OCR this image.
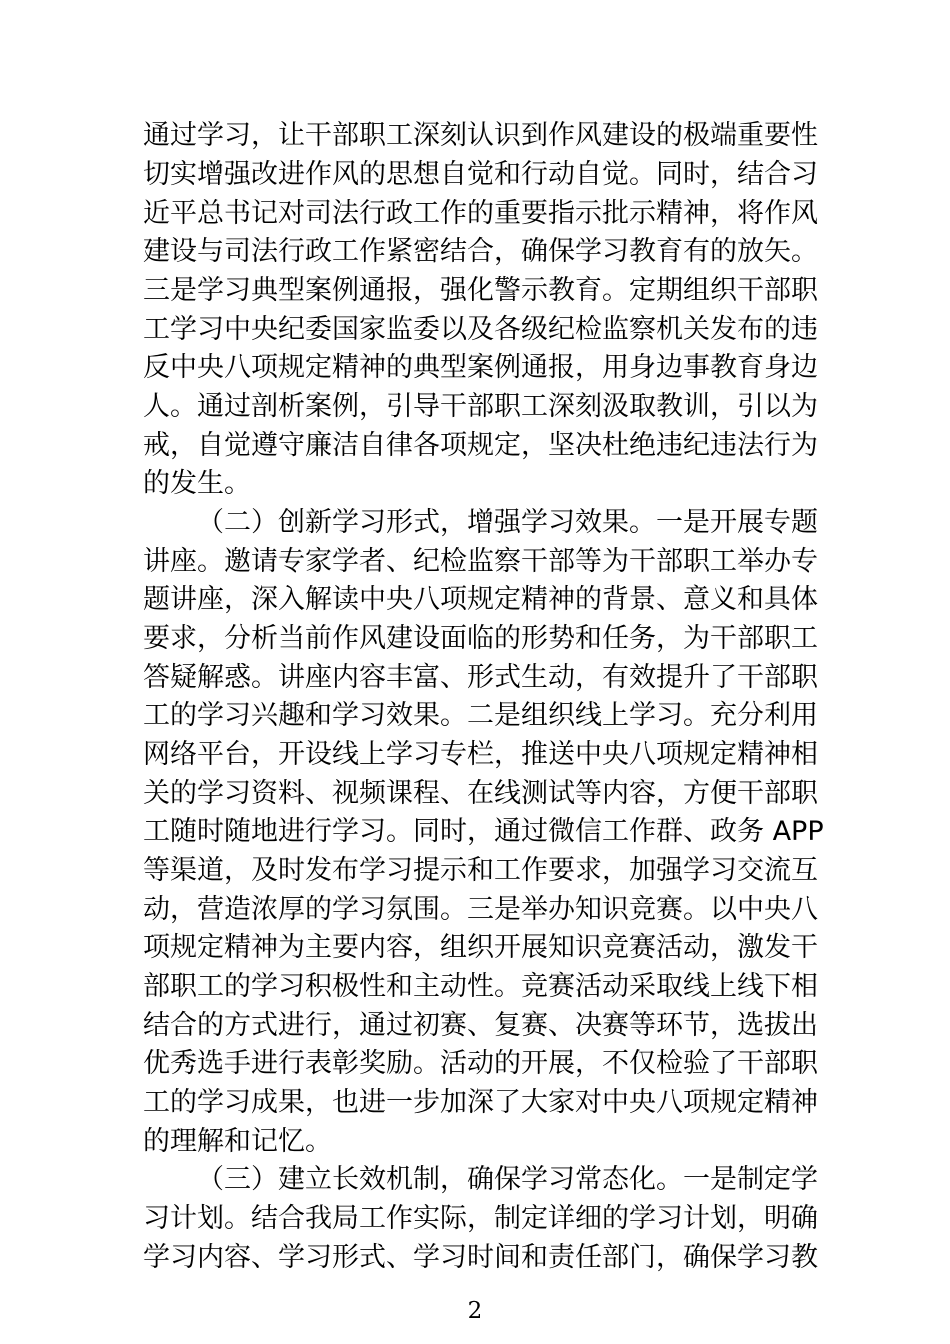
通过学习，让干部职工深刻认识到作风建设的极端重要性
切实增强改进作风的思想自觉和行动自觉。同时，结合习
近平总书记对司法行政工作的重要指示批示精神，将作风
建设与司法行政工作紧密结合，确保学习教育有的放矢。
三是学习典型案例通报，强化警示教育。定期组织干部职
工学习中央纪委国家监委以及各级纪检监察机关发布的违
反中央八项规定精神的典型案例通报，用身边事教育身边
人。通过剖析案例，引导干部职工深刻汲取教训，引以为
戒，自觉遵守廉洁自律各项规定，坚决杜绝违纪违法行为
的发生。
（二）创新学习形式，增强学习效果。一是开展专题
讲座。邀请专家学者、纪检监察干部等为干部职工举办专
题讲座，深入解读中央八项规定精神的背景、意义和具体
要求，分析当前作风建设面临的形势和任务，为干部职工
答疑解惑。讲座内容丰富、形式生动，有效提升了干部职
工的学习兴趣和学习效果。二是组织线上学习。充分利用
网络平台，开设线上学习专栏，推送中央八项规定精神相
关的学习资料、视频课程、在线测试等内容，方便干部职
工随时随地进行学习。同时，通过微信工作群、政务 APP
等渠道，及时发布学习提示和工作要求，加强学习交流互
动，营造浓厚的学习氛围。三是举办知识竞赛。以中央八
项规定精神为主要内容，组织开展知识竞赛活动，激发干
部职工的学习积极性和主动性。竞赛活动采取线上线下相
结合的方式进行，通过初赛、复赛、决赛等环节，选拔出
优秀选手进行表彰奖励。活动的开展，不仅检验了干部职
工的学习成果，也进一步加深了大家对中央八项规定精神
的理解和记忆。
（三）建立长效机制，确保学习常态化。一是制定学
习计划。结合我局工作实际，制定详细的学习计划，明确
学习内容、学习形式、学习时间和责任部门，确保学习教
2
